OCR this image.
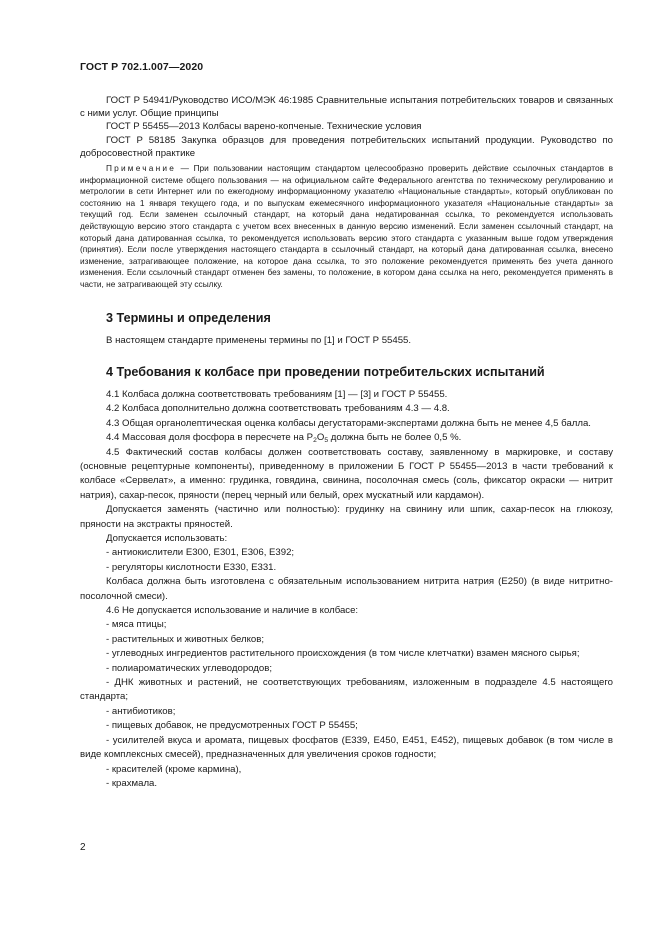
ГОСТ Р 702.1.007—2020

ГОСТ Р 54941/Руководство ИСО/МЭК 46:1985 Сравнительные испытания потребительских товаров и связанных с ними услуг. Общие принципы

ГОСТ Р 55455—2013 Колбасы варено-копченые. Технические условия

ГОСТ Р 58185 Закупка образцов для проведения потребительских испытаний продукции. Руководство по добросовестной практике

Примечание — При пользовании настоящим стандартом целесообразно проверить действие ссылочных стандартов в информационной системе общего пользования — на официальном сайте Федерального агентства по техническому регулированию и метрологии в сети Интернет или по ежегодному информационному указателю «Национальные стандарты», который опубликован по состоянию на 1 января текущего года, и по выпускам ежемесячного информационного указателя «Национальные стандарты» за текущий год. Если заменен ссылочный стандарт, на который дана недатированная ссылка, то рекомендуется использовать действующую версию этого стандарта с учетом всех внесенных в данную версию изменений. Если заменен ссылочный стандарт, на который дана датированная ссылка, то рекомендуется использовать версию этого стандарта с указанным выше годом утверждения (принятия). Если после утверждения настоящего стандарта в ссылочный стандарт, на который дана датированная ссылка, внесено изменение, затрагивающее положение, на которое дана ссылка, то это положение рекомендуется применять без учета данного изменения. Если ссылочный стандарт отменен без замены, то положение, в котором дана ссылка на него, рекомендуется применять в части, не затрагивающей эту ссылку.

3 Термины и определения

В настоящем стандарте применены термины по [1] и ГОСТ Р 55455.

4 Требования к колбасе при проведении потребительских испытаний

4.1 Колбаса должна соответствовать требованиям [1] — [3] и ГОСТ Р 55455.

4.2 Колбаса дополнительно должна соответствовать требованиям 4.3 — 4.8.

4.3 Общая органолептическая оценка колбасы дегустаторами-экспертами должна быть не менее 4,5 балла.

4.4 Массовая доля фосфора в пересчете на $P_2O_5$ должна быть не более 0,5 %.

4.5 Фактический состав колбасы должен соответствовать составу, заявленному в маркировке, и составу (основные рецептурные компоненты), приведенному в приложении Б ГОСТ Р 55455—2013 в части требований к колбасе «Сервелат», а именно: грудинка, говядина, свинина, посолочная смесь (соль, фиксатор окраски — нитрит натрия), сахар-песок, пряности (перец черный или белый, орех мускатный или кардамон).

Допускается заменять (частично или полностью): грудинку на свинину или шпик, сахар-песок на глюкозу, пряности на экстракты пряностей.

Допускается использовать:

- антиокислители Е300, Е301, Е306, Е392;

- регуляторы кислотности Е330, Е331.

Колбаса должна быть изготовлена с обязательным использованием нитрита натрия (Е250) (в виде нитритно-посолочной смеси).

4.6 Не допускается использование и наличие в колбасе:

- мяса птицы;

- растительных и животных белков;

- углеводных ингредиентов растительного происхождения (в том числе клетчатки) взамен мясного сырья;

- полиароматических углеводородов;

- ДНК животных и растений, не соответствующих требованиям, изложенным в подразделе 4.5 настоящего стандарта;

- антибиотиков;

- пищевых добавок, не предусмотренных ГОСТ Р 55455;

- усилителей вкуса и аромата, пищевых фосфатов (Е339, Е450, Е451, Е452), пищевых добавок (в том числе в виде комплексных смесей), предназначенных для увеличения сроков годности;

- красителей (кроме кармина),

- крахмала.

2
